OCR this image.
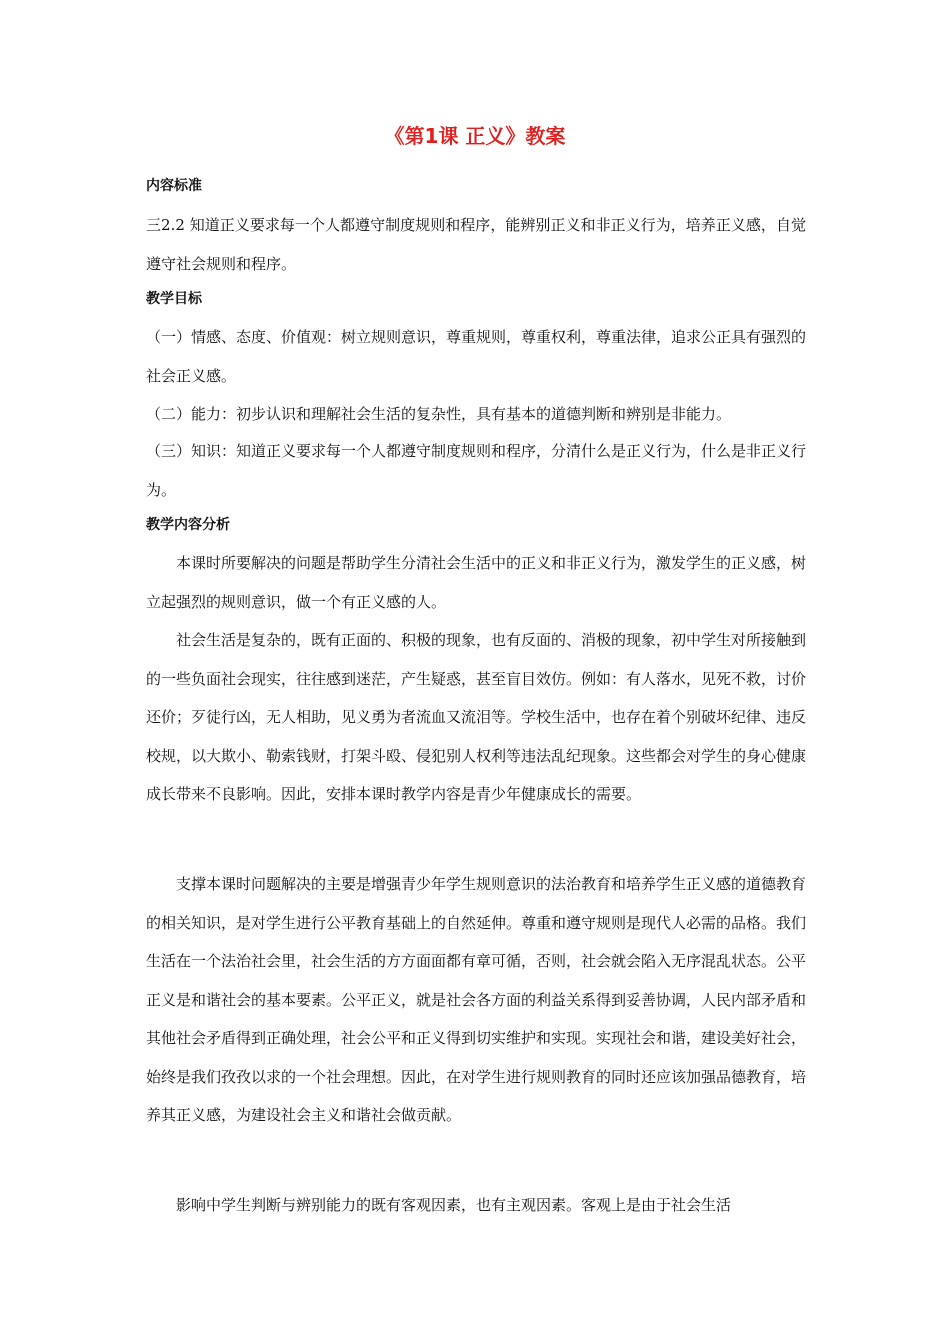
《第1课 正义》教案
内容标准
三2.2 知道正义要求每一个人都遵守制度规则和程序，能辨别正义和非正义行为，培养正义感，自觉遵守社会规则和程序。
教学目标
（一）情感、态度、价值观：树立规则意识，尊重规则，尊重权利，尊重法律，追求公正具有强烈的社会正义感。
（二）能力：初步认识和理解社会生活的复杂性，具有基本的道德判断和辨别是非能力。
（三）知识：知道正义要求每一个人都遵守制度规则和程序，分清什么是正义行为，什么是非正义行为。
教学内容分析
本课时所要解决的问题是帮助学生分清社会生活中的正义和非正义行为，激发学生的正义感，树立起强烈的规则意识，做一个有正义感的人。
社会生活是复杂的，既有正面的、积极的现象，也有反面的、消极的现象，初中学生对所接触到的一些负面社会现实，往往感到迷茫，产生疑惑，甚至盲目效仿。例如：有人落水，见死不救，讨价还价；歹徒行凶，无人相助，见义勇为者流血又流泪等。学校生活中，也存在着个别破坏纪律、违反校规，以大欺小、勒索钱财，打架斗殴、侵犯别人权利等违法乱纪现象。这些都会对学生的身心健康成长带来不良影响。因此，安排本课时教学内容是青少年健康成长的需要。
支撑本课时问题解决的主要是增强青少年学生规则意识的法治教育和培养学生正义感的道德教育的相关知识，是对学生进行公平教育基础上的自然延伸。尊重和遵守规则是现代人必需的品格。我们生活在一个法治社会里，社会生活的方方面面都有章可循，否则，社会就会陷入无序混乱状态。公平正义是和谐社会的基本要素。公平正义，就是社会各方面的利益关系得到妥善协调，人民内部矛盾和其他社会矛盾得到正确处理，社会公平和正义得到切实维护和实现。实现社会和谐，建设美好社会，始终是我们孜孜以求的一个社会理想。因此，在对学生进行规则教育的同时还应该加强品德教育，培养其正义感，为建设社会主义和谐社会做贡献。
影响中学生判断与辨别能力的既有客观因素，也有主观因素。客观上是由于社会生活
